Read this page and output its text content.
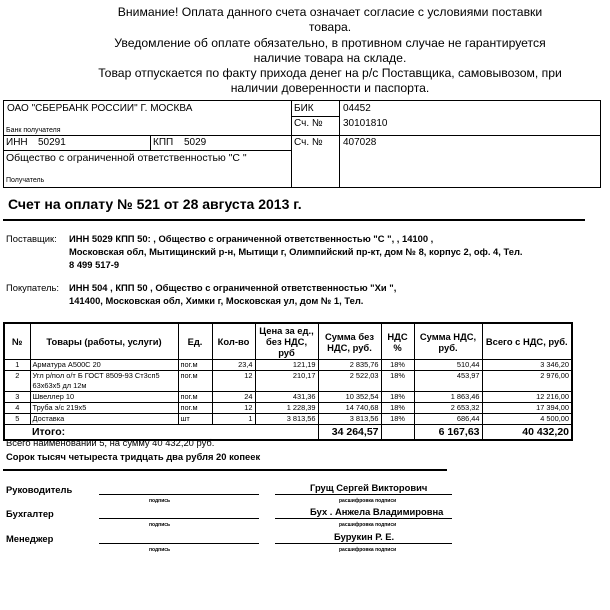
Внимание! Оплата данного счета означает согласие с условиями поставки
товара.
Уведомление об оплате обязательно, в противном случае не гарантируется
наличие товара на складе.
Товар отпускается по факту прихода денег на р/с Поставщика, самовывозом, при
наличии доверенности и паспорта.
ОАО "СБЕРБАНК РОССИИ" Г. МОСКВА
Банк получателя
БИК	04452
Сч. № 30101810
ИНН 50291	КПП 5029	Сч. № 407028
Общество с ограниченной ответственностью "С "
Получатель
Счет на оплату № 521 от 28 августа 2013 г.
Поставщик: ИНН 5029 КПП 50: , Общество с ограниченной ответственностью "С ", , 14100 ,
Московская обл, Мытищинский р-н, Мытищи г, Олимпийский пр-кт, дом № 8, корпус 2, оф. 4, Тел.
8 499 517-9
Покупатель: ИНН 504 , КПП 50 , Общество с ограниченной ответственностью "Хи ",
141400, Московская обл, Химки г, Московская ул, дом № 1, Тел.
№	Товары (работы, услуги)	Ед.	Кол-во	Цена за ед., без НДС, руб	Сумма без НДС, руб.	НДС %	Сумма НДС, руб.	Всего с НДС, руб.
1	Арматура А500С 20	пог.м	23,4	121,19	2 835,76	18%	510,44	3 346,20
2	Угл р/пол о/т Б ГОСТ 8509-93 Ст3сп5 63х63х5 дл 12м	пог.м	12	210,17	2 522,03	18%	453,97	2 976,00
3	Швеллер 10	пог.м	24	431,36	10 352,54	18%	1 863,46	12 216,00
4	Труба э/с 219х5	пог.м	12	1 228,39	14 740,68	18%	2 653,32	17 394,00
5	Доставка	шт	1	3 813,56	3 813,56	18%	686,44	4 500,00
	Итого:				34 264,57		6 167,63	40 432,20
Всего наименований 5, на сумму 40 432,20 руб.
Сорок тысяч четыреста тридцать два рубля 20 копеек
Руководитель
подпись
Грущ Сергей Викторович
расшифровка подписи
Бухгалтер
подпись
Бух . Анжела Владимировна
расшифровка подписи
Менеджер
подпись
Бурукин Р. Е.
расшифровка подписи
